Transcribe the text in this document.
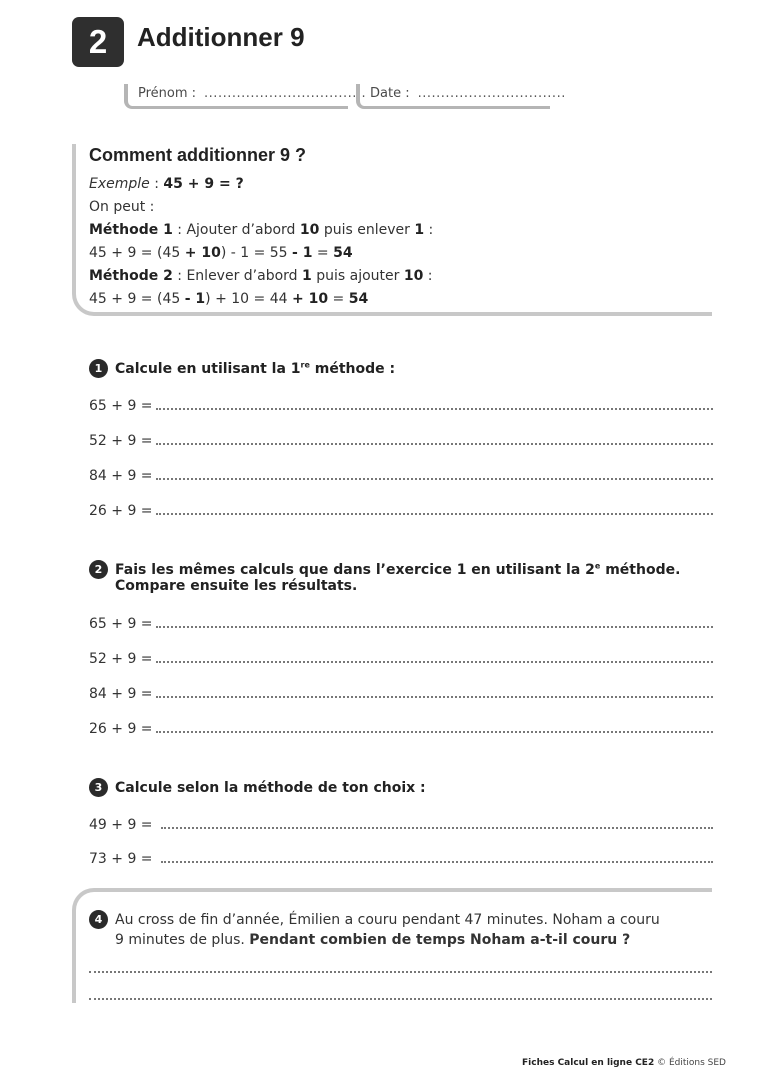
2	Additionner 9
Prénom : ................................... Date : ................................
Comment additionner 9 ?
Exemple : 45 + 9 = ?
On peut :
Méthode 1 : Ajouter d’abord 10 puis enlever 1 :
45 + 9 = (45 + 10) - 1 = 55 - 1 = 54
Méthode 2 : Enlever d’abord 1 puis ajouter 10 :
45 + 9 = (45 - 1) + 10 = 44 + 10 = 54
1 Calcule en utilisant la 1re méthode :
65 + 9 =
52 + 9 =
84 + 9 =
26 + 9 =
2 Fais les mêmes calculs que dans l’exercice 1 en utilisant la 2e méthode.
Compare ensuite les résultats.
65 + 9 =
52 + 9 =
84 + 9 =
26 + 9 =
3 Calcule selon la méthode de ton choix :
49 + 9 =
73 + 9 =
4 Au cross de fin d’année, Émilien a couru pendant 47 minutes. Noham a couru
9 minutes de plus. Pendant combien de temps Noham a-t-il couru ?
Fiches Calcul en ligne CE2 © Éditions SED
